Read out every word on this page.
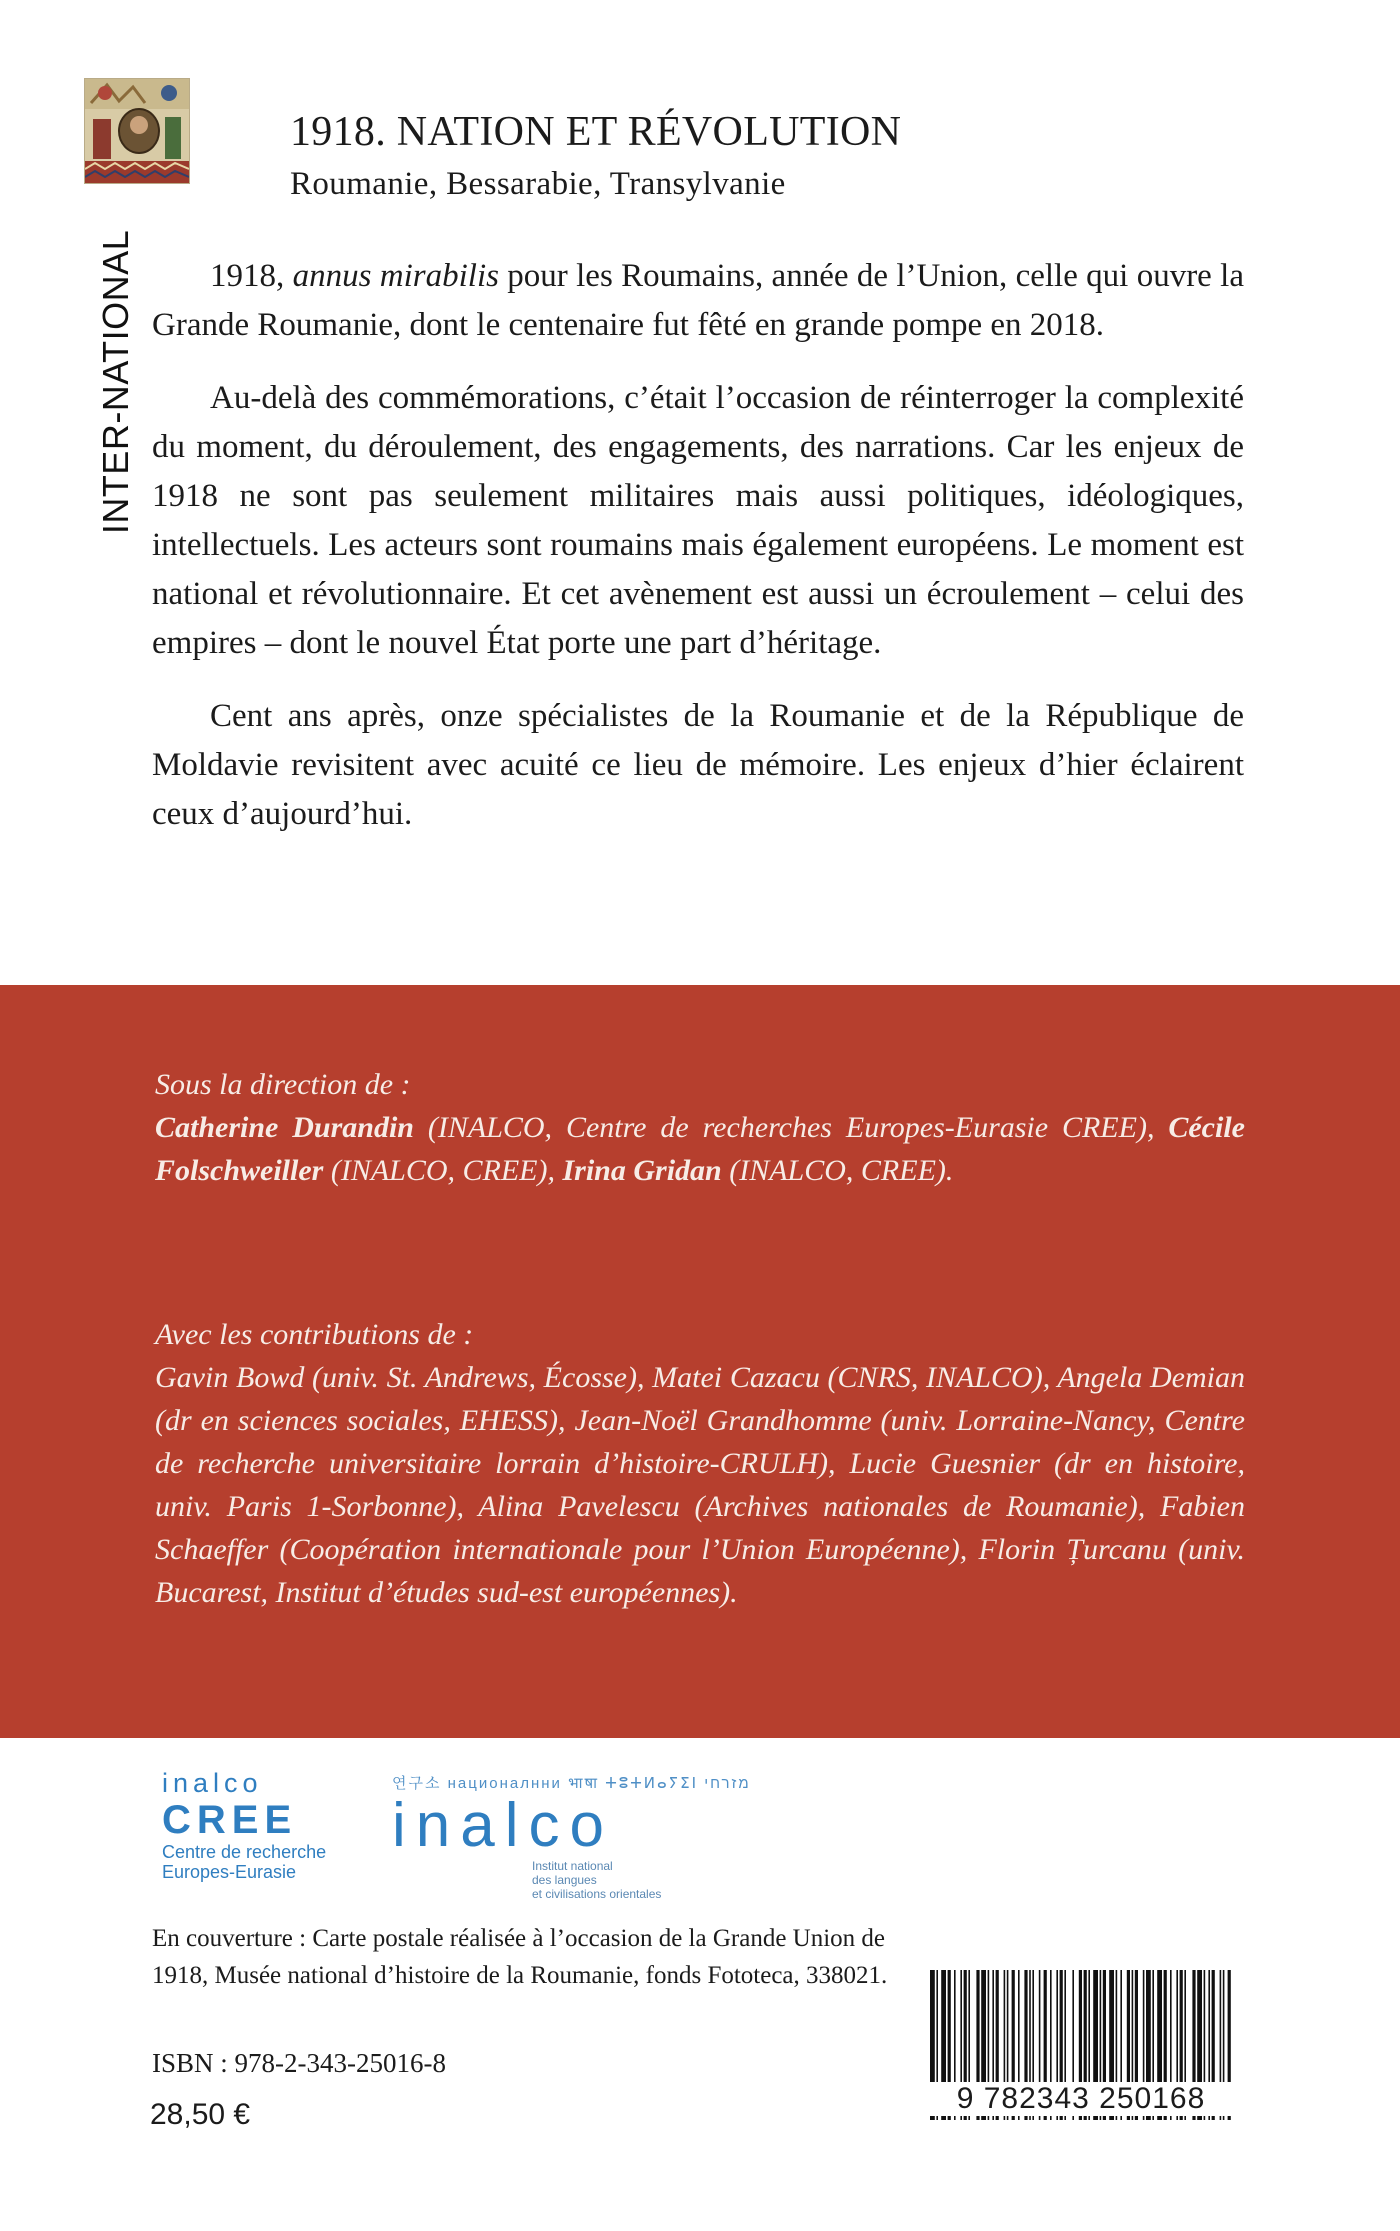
INTER-NATIONAL
1918. NATION ET RÉVOLUTION
Roumanie, Bessarabie, Transylvanie

1918, annus mirabilis pour les Roumains, année de l’Union, celle qui ouvre la Grande Roumanie, dont le centenaire fut fêté en grande pompe en 2018.

Au-delà des commémorations, c’était l’occasion de réinterroger la complexité du moment, du déroulement, des engagements, des narrations. Car les enjeux de 1918 ne sont pas seulement militaires mais aussi politiques, idéologiques, intellectuels. Les acteurs sont roumains mais également européens. Le moment est national et révolutionnaire. Et cet avènement est aussi un écroulement – celui des empires – dont le nouvel État porte une part d’héritage.

Cent ans après, onze spécialistes de la Roumanie et de la République de Moldavie revisitent avec acuité ce lieu de mémoire. Les enjeux d’hier éclairent ceux d’aujourd’hui.

Sous la direction de :
Catherine Durandin (INALCO, Centre de recherches Europes-Eurasie CREE), Cécile Folschweiller (INALCO, CREE), Irina Gridan (INALCO, CREE).
Avec les contributions de :
Gavin Bowd (univ. St. Andrews, Écosse), Matei Cazacu (CNRS, INALCO), Angela Demian (dr en sciences sociales, EHESS), Jean-Noël Grandhomme (univ. Lorraine-Nancy, Centre de recherche universitaire lorrain d’histoire-CRULH), Lucie Guesnier (dr en histoire, univ. Paris 1-Sorbonne), Alina Pavelescu (Archives nationales de Roumanie), Fabien Schaeffer (Coopération internationale pour l’Union Européenne), Florin Țurcanu (univ. Bucarest, Institut d’études sud-est européennes).
inalco
CREE
Centre de recherche
Europes-Eurasie
연구소 националнни भाषा ⵜⵓⵜⵍⴰⵢⵉⵏ מזרחי
inalco
Institut national
des langues
et civilisations orientales
En couverture : Carte postale réalisée à l’occasion de la Grande Union de 1918, Musée national d’histoire de la Roumanie, fonds Fototeca, 338021.
ISBN : 978-2-343-25016-8
28,50 €	9 782343 250168
